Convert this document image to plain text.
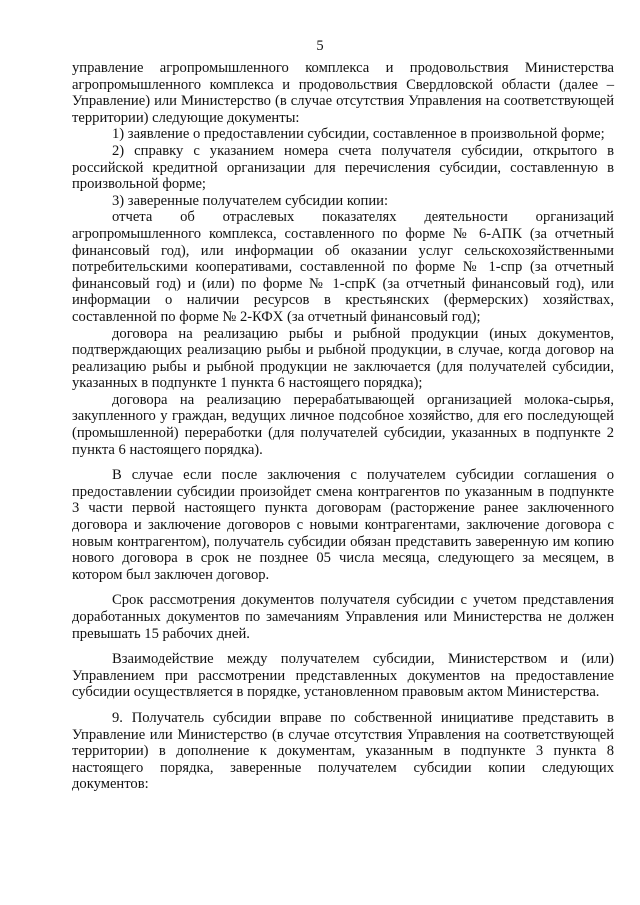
5

управление агропромышленного комплекса и продовольствия Министерства агропромышленного комплекса и продовольствия Свердловской области (далее – Управление) или Министерство (в случае отсутствия Управления на соответствующей территории) следующие документы:

1) заявление о предоставлении субсидии, составленное в произвольной форме;

2) справку с указанием номера счета получателя субсидии, открытого в российской кредитной организации для перечисления субсидии, составленную в произвольной форме;

3) заверенные получателем субсидии копии:

отчета об отраслевых показателях деятельности организаций агропромышленного комплекса, составленного по форме № 6-АПК (за отчетный финансовый год), или информации об оказании услуг сельскохозяйственными потребительскими кооперативами, составленной по форме № 1-спр (за отчетный финансовый год) и (или) по форме № 1-спрК (за отчетный финансовый год), или информации о наличии ресурсов в крестьянских (фермерских) хозяйствах, составленной по форме № 2-КФХ (за отчетный финансовый год);

договора на реализацию рыбы и рыбной продукции (иных документов, подтверждающих реализацию рыбы и рыбной продукции, в случае, когда договор на реализацию рыбы и рыбной продукции не заключается (для получателей субсидии, указанных в подпункте 1 пункта 6 настоящего порядка);

договора на реализацию перерабатывающей организацией молока-сырья, закупленного у граждан, ведущих личное подсобное хозяйство, для его последующей (промышленной) переработки (для получателей субсидии, указанных в подпункте 2 пункта 6 настоящего порядка).

В случае если после заключения с получателем субсидии соглашения о предоставлении субсидии произойдет смена контрагентов по указанным в подпункте 3 части первой настоящего пункта договорам (расторжение ранее заключенного договора и заключение договоров с новыми контрагентами, заключение договора с новым контрагентом), получатель субсидии обязан представить заверенную им копию нового договора в срок не позднее 05 числа месяца, следующего за месяцем, в котором был заключен договор.

Срок рассмотрения документов получателя субсидии с учетом представления доработанных документов по замечаниям Управления или Министерства не должен превышать 15 рабочих дней.

Взаимодействие между получателем субсидии, Министерством и (или) Управлением при рассмотрении представленных документов на предоставление субсидии осуществляется в порядке, установленном правовым актом Министерства.

9. Получатель субсидии вправе по собственной инициативе представить в Управление или Министерство (в случае отсутствия Управления на соответствующей территории) в дополнение к документам, указанным в подпункте 3 пункта 8 настоящего порядка, заверенные получателем субсидии копии следующих документов:
